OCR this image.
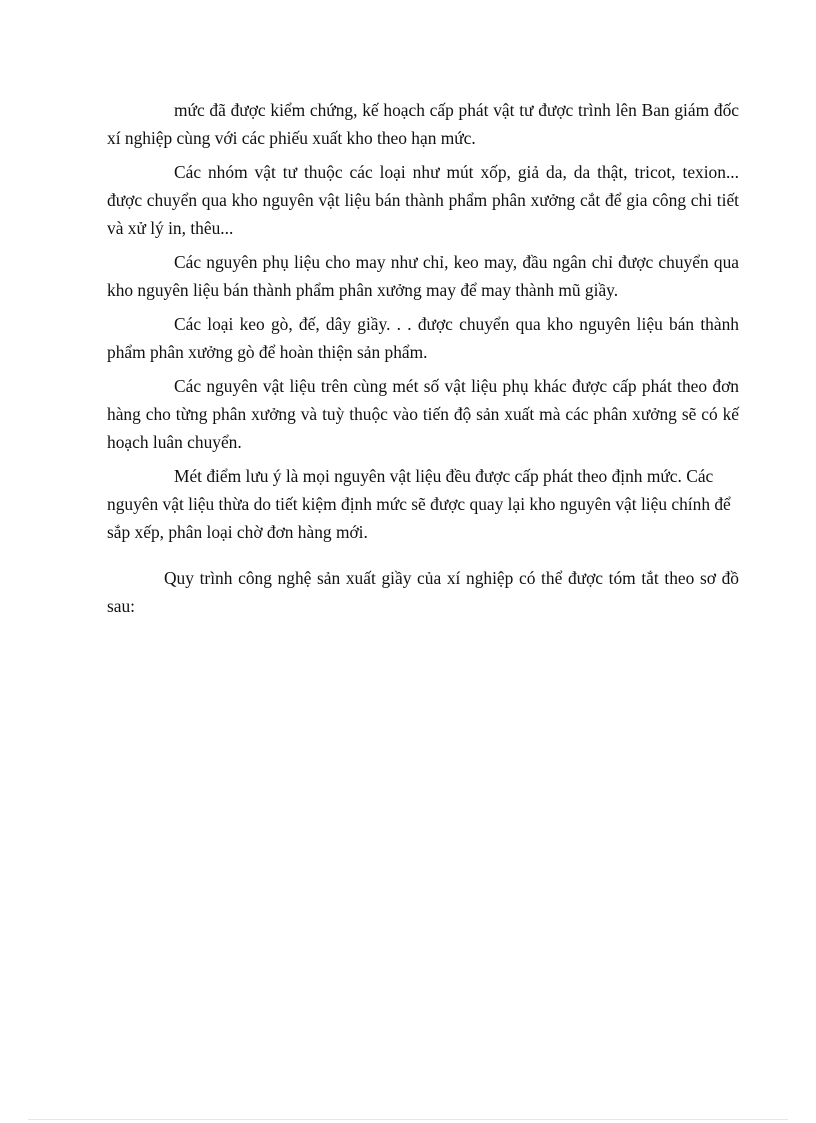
mức đã được kiểm chứng, kế hoạch cấp phát vật tư được trình lên Ban giám đốc xí nghiệp cùng với các phiếu xuất kho theo hạn mức.

Các nhóm vật tư thuộc các loại như mút xốp, giả da, da thật, tricot, texion... được chuyển qua kho nguyên vật liệu bán thành phẩm phân xưởng cắt để gia công chi tiết và xử lý in, thêu...

Các nguyên phụ liệu cho may như chỉ, keo may, đầu ngân chỉ được chuyển qua kho nguyên liệu bán thành phẩm phân xưởng may để may thành mũ giầy.

Các loại keo gò, đế, dây giầy. . . được chuyển qua kho nguyên liệu bán thành phẩm phân xưởng gò để hoàn thiện sản phẩm.

Các nguyên vật liệu trên cùng mét số vật liệu phụ khác được cấp phát theo đơn hàng cho từng phân xưởng và tuỳ thuộc vào tiến độ sản xuất mà các phân xưởng sẽ có kế hoạch luân chuyển.

Mét điểm lưu ý là mọi nguyên vật liệu đều được cấp phát theo định mức. Các nguyên vật liệu thừa do tiết kiệm định mức sẽ được quay lại kho nguyên vật liệu chính để sắp xếp, phân loại chờ đơn hàng mới.

Quy trình công nghệ sản xuất giầy của xí nghiệp có thể được tóm tắt theo sơ đồ sau:
